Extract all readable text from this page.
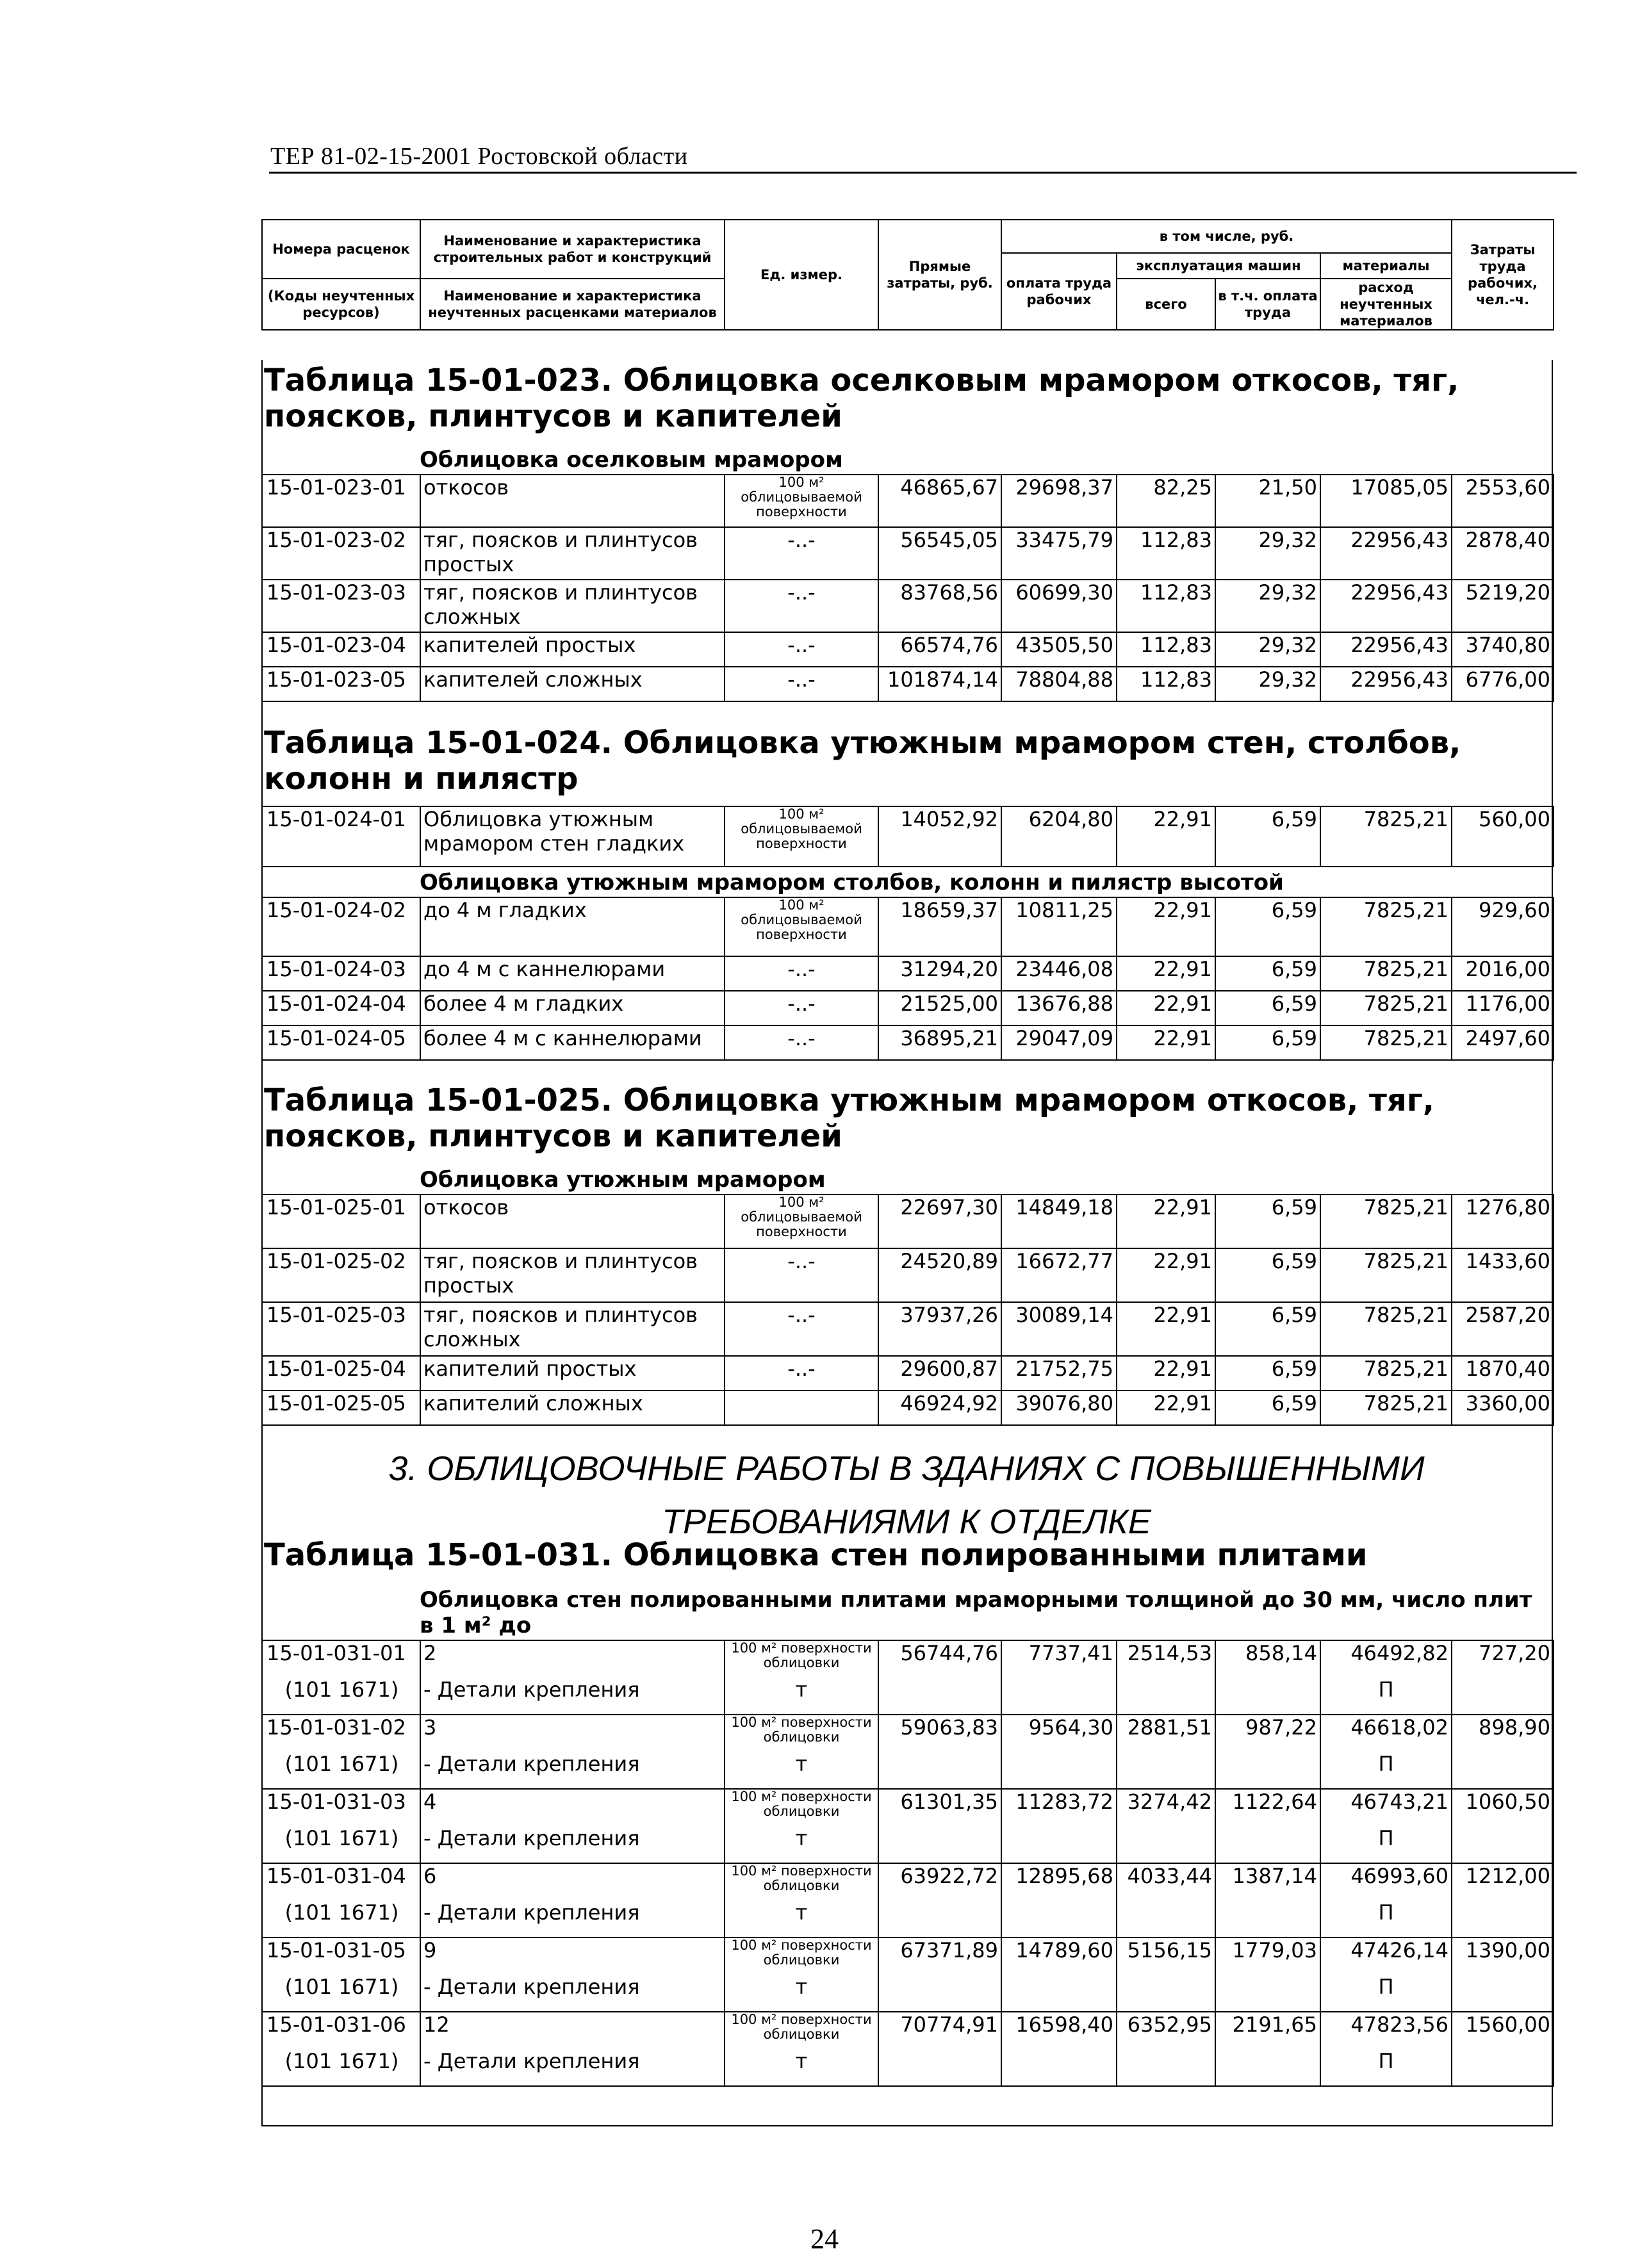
ТЕР 81-02-15-2001 Ростовской области
Номера расценок	Наименование и характеристика строительных работ и конструкций	Ед. измер.	Прямые затраты, руб.	в том числе, руб.				Затраты труда рабочих, чел.-ч.
				оплата труда рабочих	эксплуатация машин		материалы	
(Коды неучтенных ресурсов)	Наименование и характеристика неучтенных расценками материалов				всего	в т.ч. оплата труда	расход неучтенных материалов	

Таблица 15-01-023. Облицовка оселковым мрамором откосов, тяг, поясков, плинтусов и капителей
Облицовка оселковым мрамором
15-01-023-01	откосов	100 м² облицовываемой поверхности	46865,67	29698,37	82,25	21,50	17085,05	2553,60
15-01-023-02	тяг, поясков и плинтусов простых	-..-	56545,05	33475,79	112,83	29,32	22956,43	2878,40
15-01-023-03	тяг, поясков и плинтусов сложных	-..-	83768,56	60699,30	112,83	29,32	22956,43	5219,20
15-01-023-04	капителей простых	-..-	66574,76	43505,50	112,83	29,32	22956,43	3740,80
15-01-023-05	капителей сложных	-..-	101874,14	78804,88	112,83	29,32	22956,43	6776,00
Таблица 15-01-024. Облицовка утюжным мрамором стен, столбов, колонн и пилястр
15-01-024-01	Облицовка утюжным мрамором стен гладких	100 м² облицовываемой поверхности	14052,92	6204,80	22,91	6,59	7825,21	560,00
Облицовка утюжным мрамором столбов, колонн и пилястр высотой
15-01-024-02	до 4 м гладких	100 м² облицовываемой поверхности	18659,37	10811,25	22,91	6,59	7825,21	929,60
15-01-024-03	до 4 м с каннелюрами	-..-	31294,20	23446,08	22,91	6,59	7825,21	2016,00
15-01-024-04	более 4 м гладких	-..-	21525,00	13676,88	22,91	6,59	7825,21	1176,00
15-01-024-05	более 4 м с каннелюрами	-..-	36895,21	29047,09	22,91	6,59	7825,21	2497,60
Таблица 15-01-025. Облицовка утюжным мрамором откосов, тяг, поясков, плинтусов и капителей
Облицовка утюжным мрамором
15-01-025-01	откосов	100 м² облицовываемой поверхности	22697,30	14849,18	22,91	6,59	7825,21	1276,80
15-01-025-02	тяг, поясков и плинтусов простых	-..-	24520,89	16672,77	22,91	6,59	7825,21	1433,60
15-01-025-03	тяг, поясков и плинтусов сложных	-..-	37937,26	30089,14	22,91	6,59	7825,21	2587,20
15-01-025-04	капителий простых	-..-	29600,87	21752,75	22,91	6,59	7825,21	1870,40
15-01-025-05	капителий сложных		46924,92	39076,80	22,91	6,59	7825,21	3360,00
3. ОБЛИЦОВОЧНЫЕ РАБОТЫ В ЗДАНИЯХ С ПОВЫШЕННЫМИ
ТРЕБОВАНИЯМИ К ОТДЕЛКЕ
Таблица 15-01-031. Облицовка стен полированными плитами
Облицовка стен полированными плитами мраморными толщиной до 30 мм, число плит в 1 м² до
15-01-031-01	2	100 м² поверхности облицовки	56744,76	7737,41	2514,53	858,14	46492,82	727,20
(101 1671)	- Детали крепления	т					П	
15-01-031-02	3	100 м² поверхности облицовки	59063,83	9564,30	2881,51	987,22	46618,02	898,90
(101 1671)	- Детали крепления	т					П	
15-01-031-03	4	100 м² поверхности облицовки	61301,35	11283,72	3274,42	1122,64	46743,21	1060,50
(101 1671)	- Детали крепления	т					П	
15-01-031-04	6	100 м² поверхности облицовки	63922,72	12895,68	4033,44	1387,14	46993,60	1212,00
(101 1671)	- Детали крепления	т					П	
15-01-031-05	9	100 м² поверхности облицовки	67371,89	14789,60	5156,15	1779,03	47426,14	1390,00
(101 1671)	- Детали крепления	т					П	
15-01-031-06	12	100 м² поверхности облицовки	70774,91	16598,40	6352,95	2191,65	47823,56	1560,00
(101 1671)	- Детали крепления	т					П	
24
